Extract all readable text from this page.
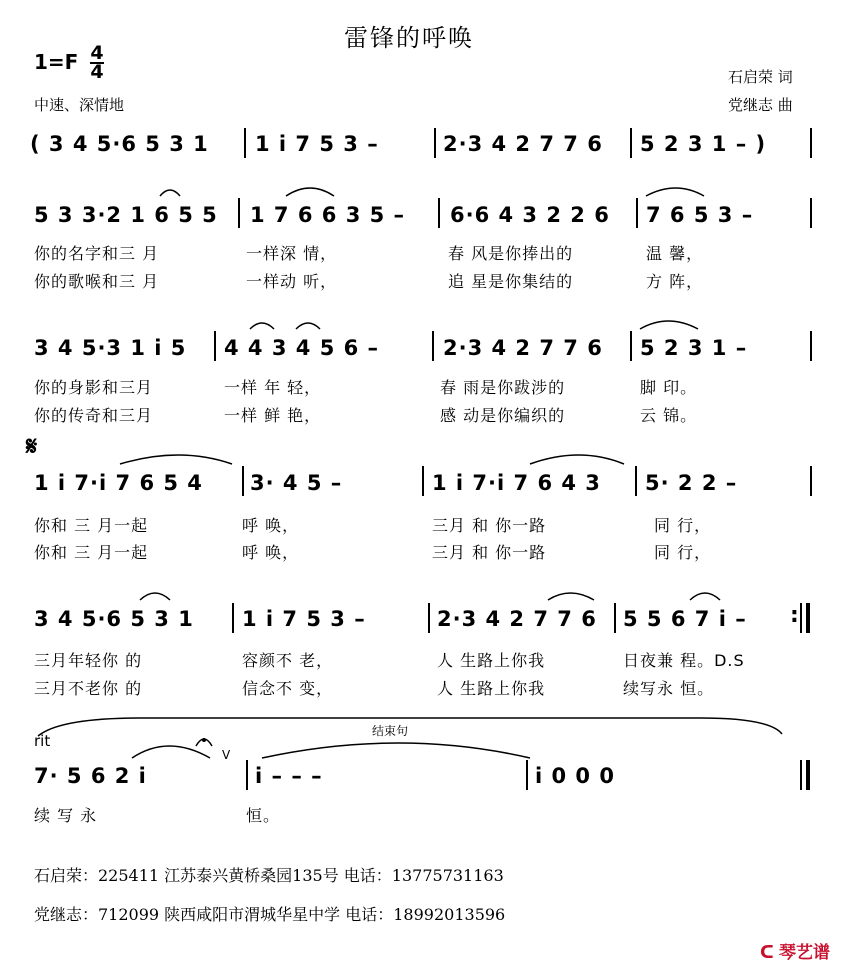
雷锋的呼唤
1=F 4
4
中速、深情地
石启荣 词
党继志 曲
( 3 4 5·6 5 3 1 1 i 7 5 3 –	2·3 4 2 7 7 6 5 2 3 1 – )
5 3 3·2 1 6 5 5 1 7 6 6 3 5 – 6·6 4 3 2 2 6 7 6 5 3 –
你的名字和三 月	一样深 情，	春 风是你捧出的	温 馨，
你的歌喉和三 月	一样动 听，	追 星是你集结的	方 阵，
3 4 5·3 1 i 5 4 4 3 4 5 6 –	2·3 4 2 7 7 6 5 2 3 1 –
你的身影和三月	一样 年 轻，	春 雨是你跋涉的	脚 印。
你的传奇和三月	一样 鲜 艳，	感 动是你编织的	云 锦。
𝄋
1 i 7·i 7 6 5 4 3· 4 5 –	1 i 7·i 7 6 4 3 5· 2 2 –
你和 三 月一起	呼 唤，	三月 和 你一路	同 行，
你和 三 月一起	呼 唤，	三月 和 你一路	同 行，
3 4 5·6 5 3 1 1 i 7 5 3 –	2·3 4 2 7 7 6 5 5 6 7 i –
三月年轻你 的	容颜不 老，	人 生路上你我	日夜兼 程。D.S
三月不老你 的	信念不 变，	人 生路上你我	续写永 恒。
rit
结束句
V
7· 5 6 2 i	i – – –	i 0 0 0
续 写 永	恒。
:
石启荣：225411 江苏泰兴黄桥桑园135号 电话：13775731163
党继志：712099 陕西咸阳市渭城华星中学 电话：18992013596
ᑕ 琴艺谱
